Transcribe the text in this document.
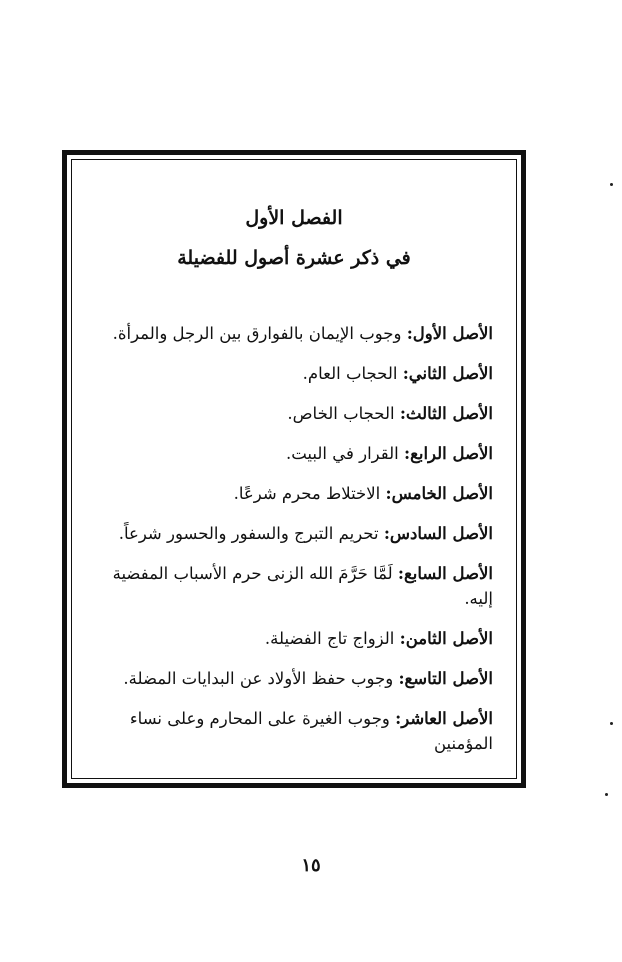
الفصل الأول
في ذكر عشرة أصول للفضيلة
الأصل الأول: وجوب الإيمان بالفوارق بين الرجل والمرأة.
الأصل الثاني: الحجاب العام.
الأصل الثالث: الحجاب الخاص.
الأصل الرابع: القرار في البيت.
الأصل الخامس: الاختلاط محرم شرعًا.
الأصل السادس: تحريم التبرج والسفور والحسور شرعاً.
الأصل السابع: لَمَّا حَرَّمَ الله الزنى حرم الأسباب المفضية إليه.
الأصل الثامن: الزواج تاج الفضيلة.
الأصل التاسع: وجوب حفظ الأولاد عن البدايات المضلة.
الأصل العاشر: وجوب الغيرة على المحارم وعلى نساء المؤمنين
١٥
